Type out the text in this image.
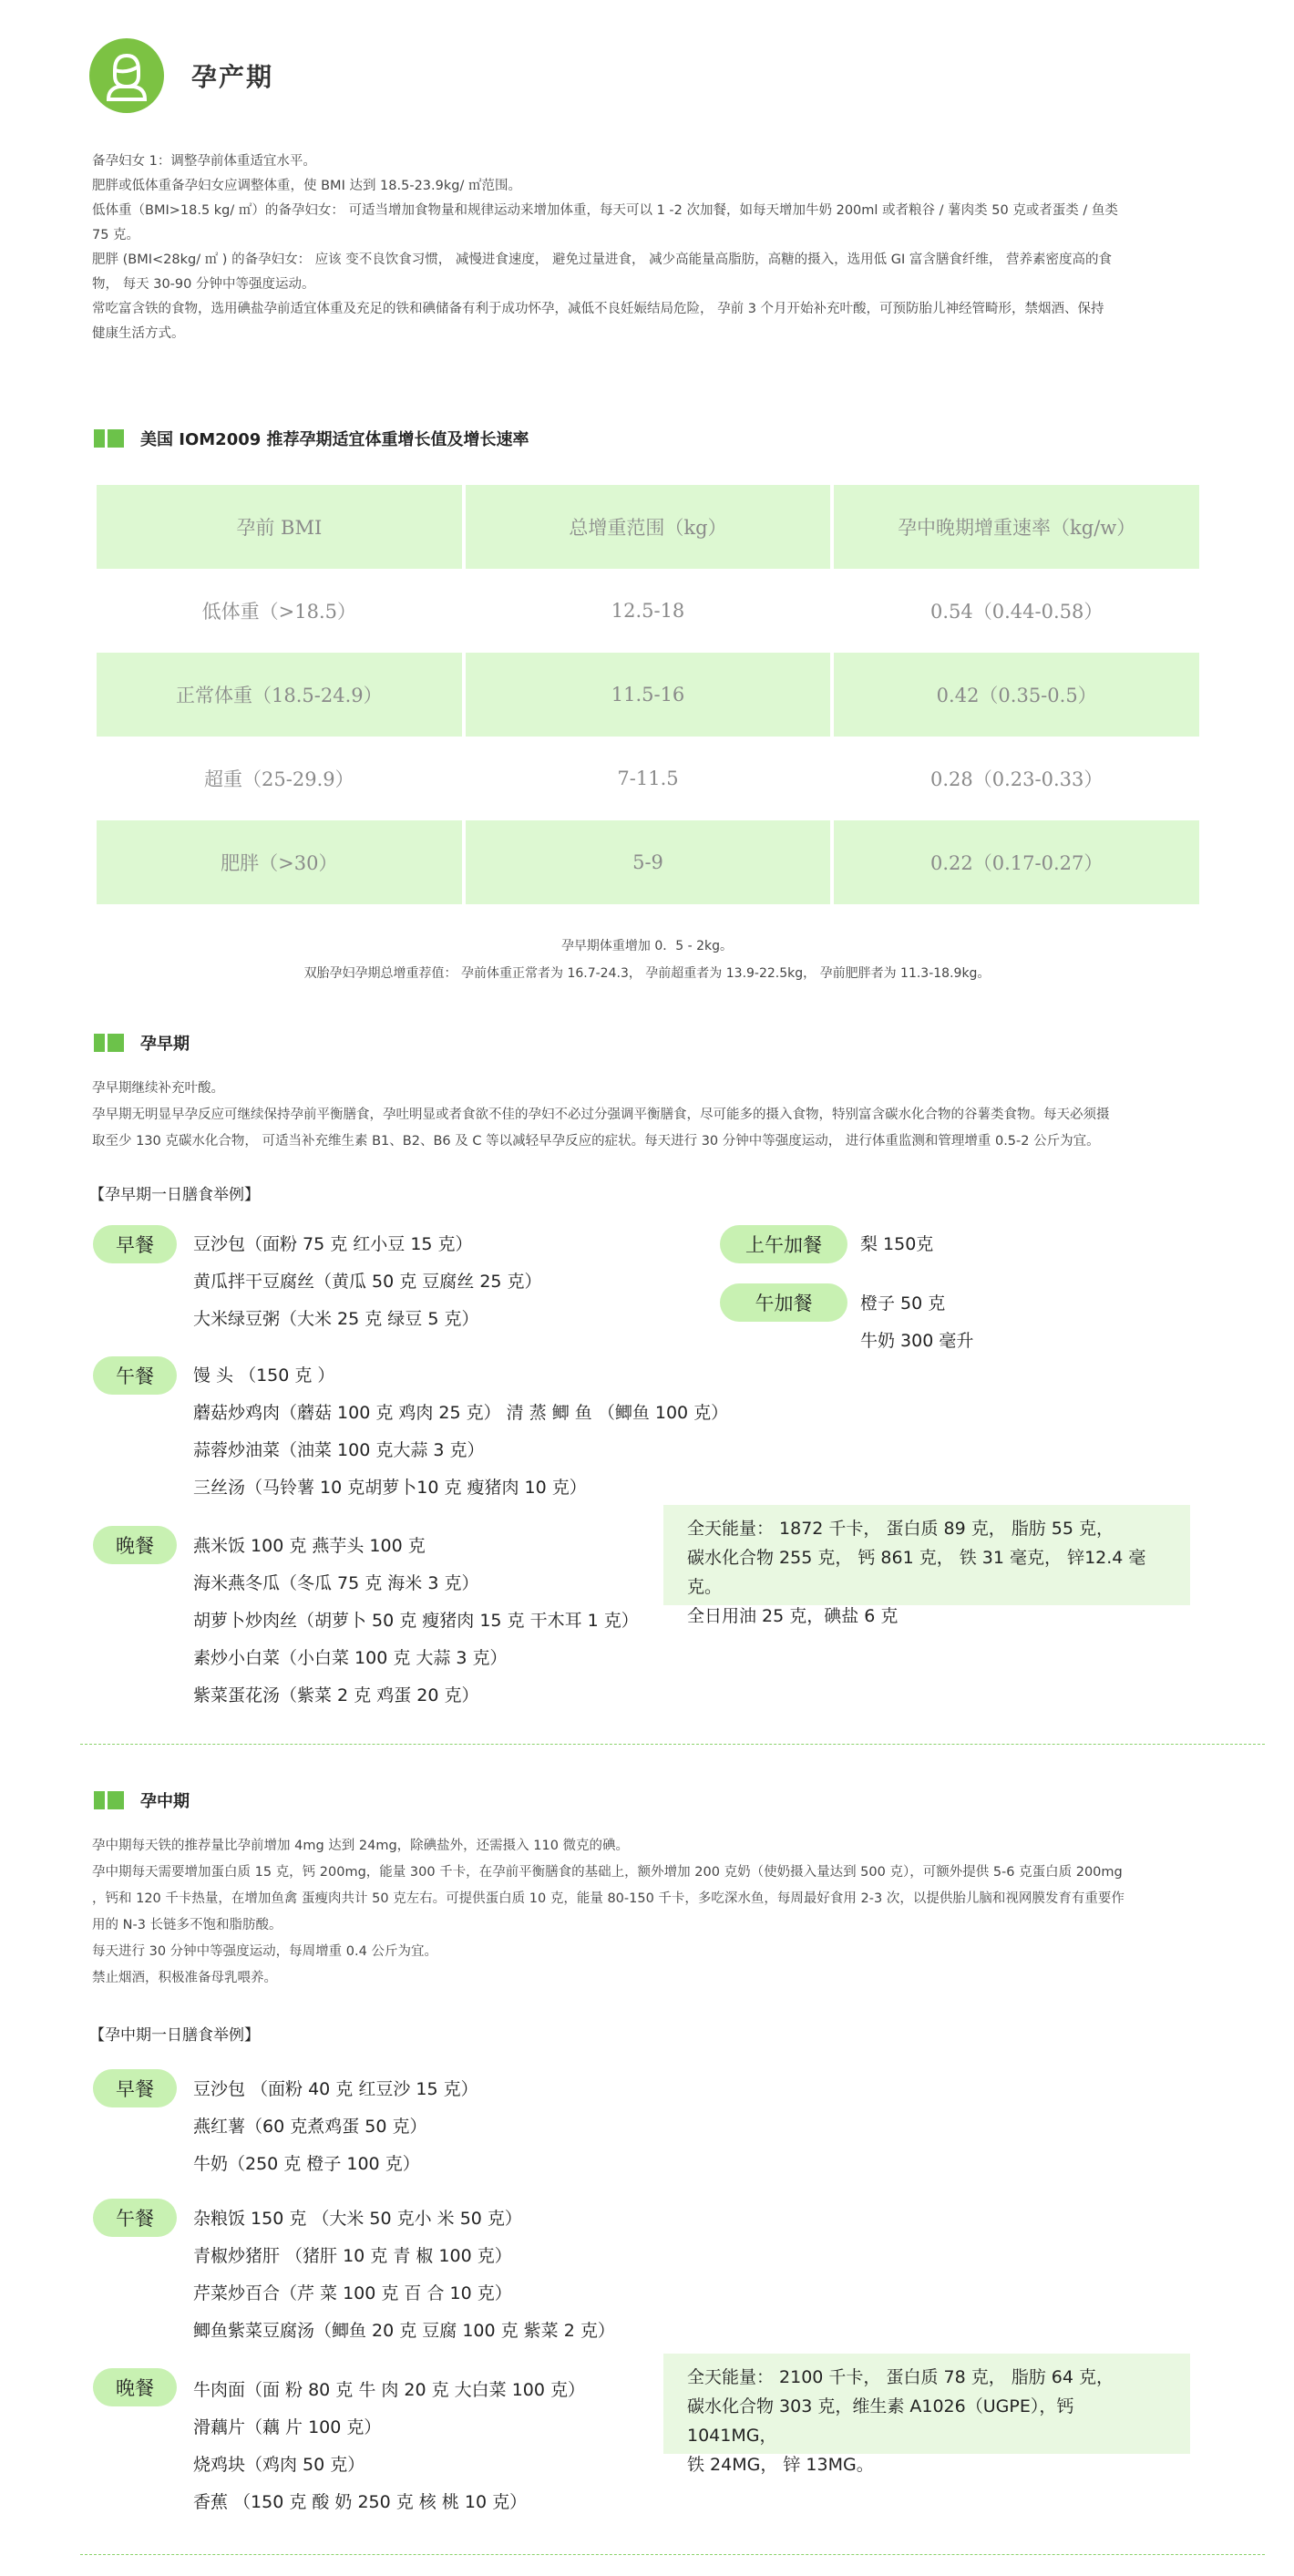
孕产期

备孕妇女 1：调整孕前体重适宜水平。

肥胖或低体重备孕妇女应调整体重，使 BMI 达到 18.5-23.9kg/ ㎡范围。

低体重（BMI>18.5 kg/ ㎡）的备孕妇女： 可适当增加食物量和规律运动来增加体重，每天可以 1 -2 次加餐，如每天增加牛奶 200ml 或者粮谷 / 薯肉类 50 克或者蛋类 / 鱼类

75 克。

肥胖 (BMI<28kg/ ㎡ ) 的备孕妇女： 应该 变不良饮食习惯， 减慢进食速度， 避免过量进食， 减少高能量高脂肪，高糖的摄入，选用低 GI 富含膳食纤维， 营养素密度高的食

物， 每天 30-90 分钟中等强度运动。

常吃富含铁的食物，选用碘盐孕前适宜体重及充足的铁和碘储备有利于成功怀孕，减低不良妊娠结局危险， 孕前 3 个月开始补充叶酸，可预防胎儿神经管畸形，禁烟酒、保持

健康生活方式。

美国 IOM2009 推荐孕期适宜体重增长值及增长速率
孕前 BMI	总增重范围（kg）	孕中晚期增重速率（kg/w）
低体重（>18.5）	12.5-18	0.54（0.44-0.58）
正常体重（18.5-24.9）	11.5-16	0.42（0.35-0.5）
超重（25-29.9）	7-11.5	0.28（0.23-0.33）
肥胖（>30）	5-9	0.22（0.17-0.27）
孕早期体重增加 0．5 - 2kg。
双胎孕妇孕期总增重荐值： 孕前体重正常者为 16.7-24.3， 孕前超重者为 13.9-22.5kg， 孕前肥胖者为 11.3-18.9kg。
孕早期
孕早期继续补充叶酸。
孕早期无明显早孕反应可继续保持孕前平衡膳食，孕吐明显或者食欲不佳的孕妇不必过分强调平衡膳食，尽可能多的摄入食物，特别富含碳水化合物的谷薯类食物。每天必须摄
取至少 130 克碳水化合物， 可适当补充维生素 B1、B2、B6 及 C 等以减轻早孕反应的症状。每天进行 30 分钟中等强度运动， 进行体重监测和管理增重 0.5-2 公斤为宜。
【孕早期一日膳食举例】
早餐	豆沙包（面粉 75 克 红小豆 15 克）
黄瓜拌干豆腐丝（黄瓜 50 克 豆腐丝 25 克）
大米绿豆粥（大米 25 克 绿豆 5 克）
午餐	馒 头 （150 克 ）
蘑菇炒鸡肉（蘑菇 100 克 鸡肉 25 克） 清 蒸 鲫 鱼 （鲫鱼 100 克）
蒜蓉炒油菜（油菜 100 克大蒜 3 克）
三丝汤（马铃薯 10 克胡萝卜10 克 瘦猪肉 10 克）
晚餐	燕米饭 100 克 燕芋头 100 克
海米燕冬瓜（冬瓜 75 克 海米 3 克）
胡萝卜炒肉丝（胡萝卜 50 克 瘦猪肉 15 克 干木耳 1 克）
素炒小白菜（小白菜 100 克 大蒜 3 克）
紫菜蛋花汤（紫菜 2 克 鸡蛋 20 克）
上午加餐	梨 150克
午加餐	橙子 50 克
牛奶 300 毫升
全天能量： 1872 千卡， 蛋白质 89 克， 脂肪 55 克，
碳水化合物 255 克， 钙 861 克， 铁 31 毫克， 锌12.4 毫克。
全日用油 25 克，碘盐 6 克
孕中期
孕中期每天铁的推荐量比孕前增加 4mg 达到 24mg，除碘盐外，还需摄入 110 微克的碘。
孕中期每天需要增加蛋白质 15 克，钙 200mg，能量 300 千卡，在孕前平衡膳食的基础上，额外增加 200 克奶（使奶摄入量达到 500 克），可额外提供 5-6 克蛋白质 200mg
，钙和 120 千卡热量，在增加鱼禽 蛋瘦肉共计 50 克左右。可提供蛋白质 10 克，能量 80-150 千卡，多吃深水鱼，每周最好食用 2-3 次，以提供胎儿脑和视网膜发育有重要作
用的 N-3 长链多不饱和脂肪酸。
每天进行 30 分钟中等强度运动，每周增重 0.4 公斤为宜。
禁止烟酒，积极准备母乳喂养。
【孕中期一日膳食举例】
早餐	豆沙包 （面粉 40 克 红豆沙 15 克）
燕红薯（60 克煮鸡蛋 50 克）
牛奶（250 克 橙子 100 克）
午餐	杂粮饭 150 克 （大米 50 克小 米 50 克）
青椒炒猪肝 （猪肝 10 克 青 椒 100 克）
芹菜炒百合（芹 菜 100 克 百 合 10 克）
鲫鱼紫菜豆腐汤（鲫鱼 20 克 豆腐 100 克 紫菜 2 克）
晚餐	牛肉面（面 粉 80 克 牛 肉 20 克 大白菜 100 克）
滑藕片（藕 片 100 克）
烧鸡块（鸡肉 50 克）
香蕉 （150 克 酸 奶 250 克 核 桃 10 克）
全天能量： 2100 千卡， 蛋白质 78 克， 脂肪 64 克，
碳水化合物 303 克，维生素 A1026（UGPE），钙 1041MG，
铁 24MG， 锌 13MG。
